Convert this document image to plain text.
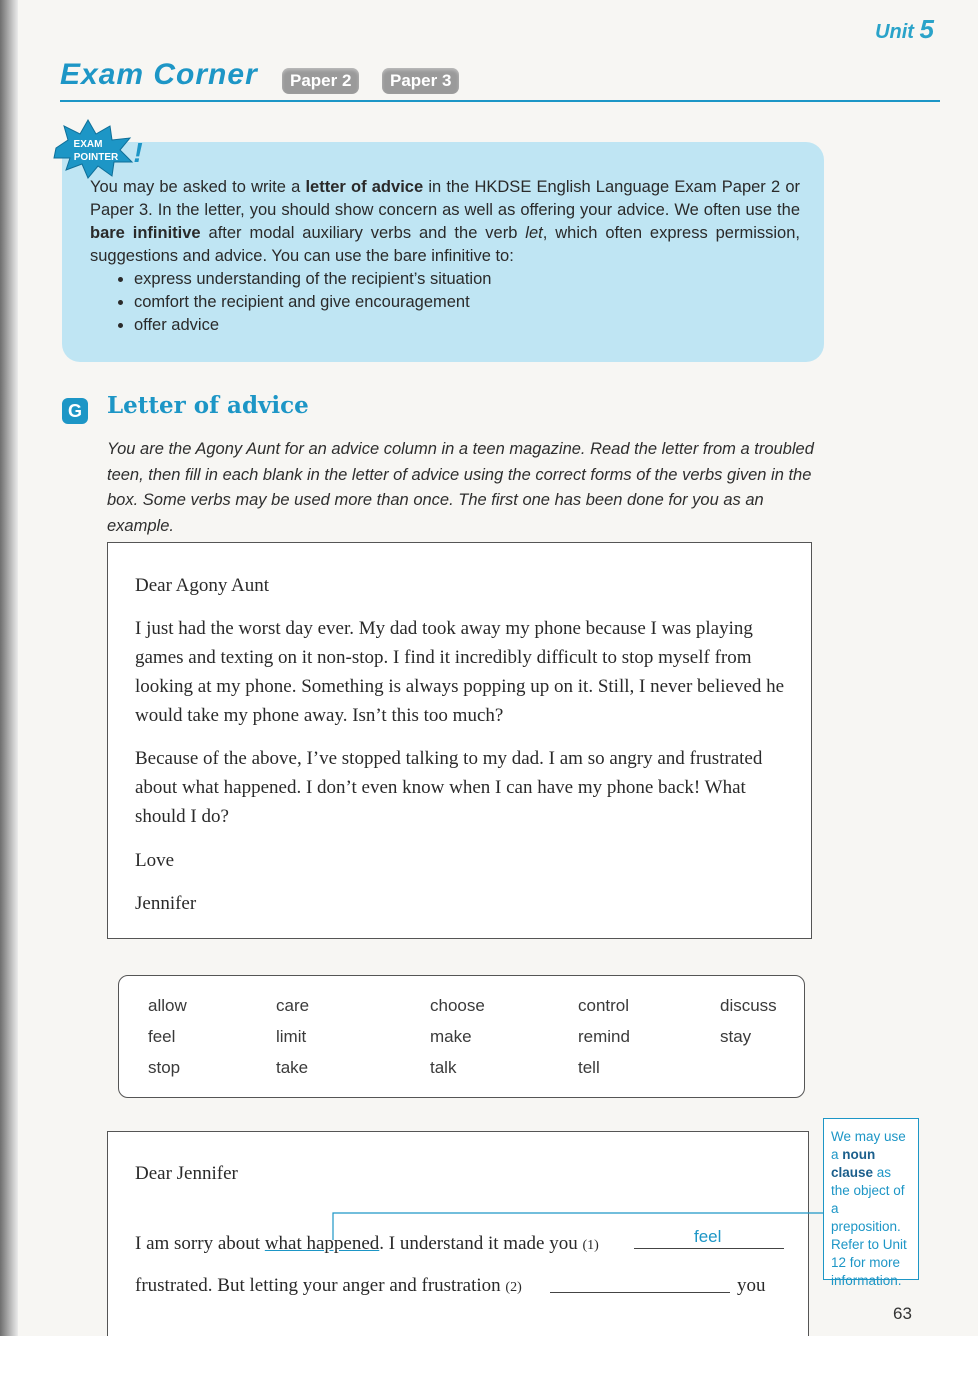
Unit 5
Exam Corner	Paper 2	Paper 3
EXAM
POINTER !

You may be asked to write a letter of advice in the HKDSE English Language Exam Paper 2 or Paper 3. In the letter, you should show concern as well as offering your advice. We often use the bare infinitive after modal auxiliary verbs and the verb let, which often express permission, suggestions and advice. You can use the bare infinitive to:

• express understanding of the recipient’s situation
• comfort the recipient and give encouragement
• offer advice
G Letter of advice

You are the Agony Aunt for an advice column in a teen magazine. Read the letter from a troubled teen, then fill in each blank in the letter of advice using the correct forms of the verbs given in the box. Some verbs may be used more than once. The first one has been done for you as an example.

Dear Agony Aunt

I just had the worst day ever. My dad took away my phone because I was playing games and texting on it non-stop. I find it incredibly difficult to stop myself from looking at my phone. Something is always popping up on it. Still, I never believed he would take my phone away. Isn’t this too much?

Because of the above, I’ve stopped talking to my dad. I am so angry and frustrated about what happened. I don’t even know when I can have my phone back! What should I do?

Love

Jennifer

allow	care	choose	control	discuss
feel	limit	make	remind	stay
stop	take	talk	tell

Dear Jennifer

I am sorry about what happened. I understand it made you (1)

frustrated. But letting your anger and frustration (2)	you

feel
We may use a noun clause as the object of a preposition. Refer to Unit 12 for more information.
63
